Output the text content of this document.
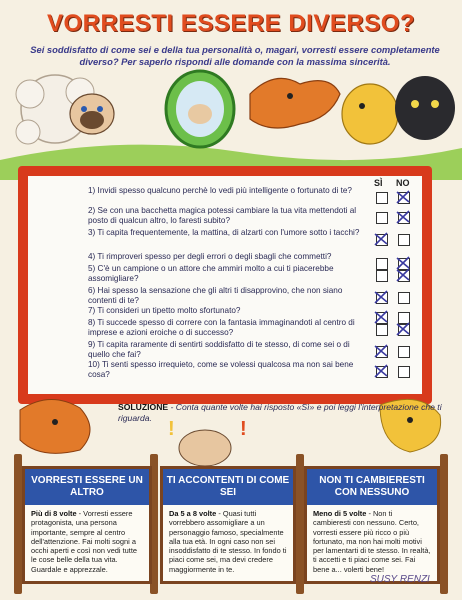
VORRESTI ESSERE DIVERSO?
Sei soddisfatto di come sei e della tua personalità o, magari, vorresti essere completamente diverso? Per saperlo rispondi alle domande con la massima sincerità.
SÌ NO
1) Invidi spesso qualcuno perchè lo vedi più intelligente o fortunato di te?
2) Se con una bacchetta magica potessi cambiare la tua vita mettendoti al posto di qualcun altro, lo faresti subito?
3) Ti capita frequentemente, la mattina, di alzarti con l'umore sotto i tacchi?
4) Ti rimproveri spesso per degli errori o degli sbagli che commetti?
5) C'è un campione o un attore che ammiri molto a cui ti piacerebbe assomigliare?
6) Hai spesso la sensazione che gli altri ti disapprovino, che non siano contenti di te?
7) Ti consideri un tipetto molto sfortunato?
8) Ti succede spesso di correre con la fantasia immaginandoti al centro di imprese e azioni eroiche o di successo?
9) Ti capita raramente di sentirti soddisfatto di te stesso, di come sei o di quello che fai?
10) Ti senti spesso irrequieto, come se volessi qualcosa ma non sai bene cosa?
!	!
SOLUZIONE - Conta quante volte hai risposto «Sì» e poi leggi l'interpretazione che ti riguarda.
VORRESTI ESSERE UN ALTRO
Più di 8 volte - Vorresti essere protagonista, una persona importante, sempre al centro dell'attenzione. Fai molti sogni a occhi aperti e così non vedi tutte le cose belle della tua vita. Guardale e apprezzale.
TI ACCONTENTI DI COME SEI
Da 5 a 8 volte - Quasi tutti vorrebbero assomigliare a un personaggio famoso, specialmente alla tua età. In ogni caso non sei insoddisfatto di te stesso. In fondo ti piaci come sei, ma devi credere maggiormente in te.
NON TI CAMBIERESTI CON NESSUNO
Meno di 5 volte - Non ti cambieresti con nessuno. Certo, vorresti essere più ricco o più fortunato, ma non hai molti motivi per lamentarti di te stesso. In realtà, ti accetti e ti piaci come sei. Fai bene a... volerti bene!
SUSY RENZI
